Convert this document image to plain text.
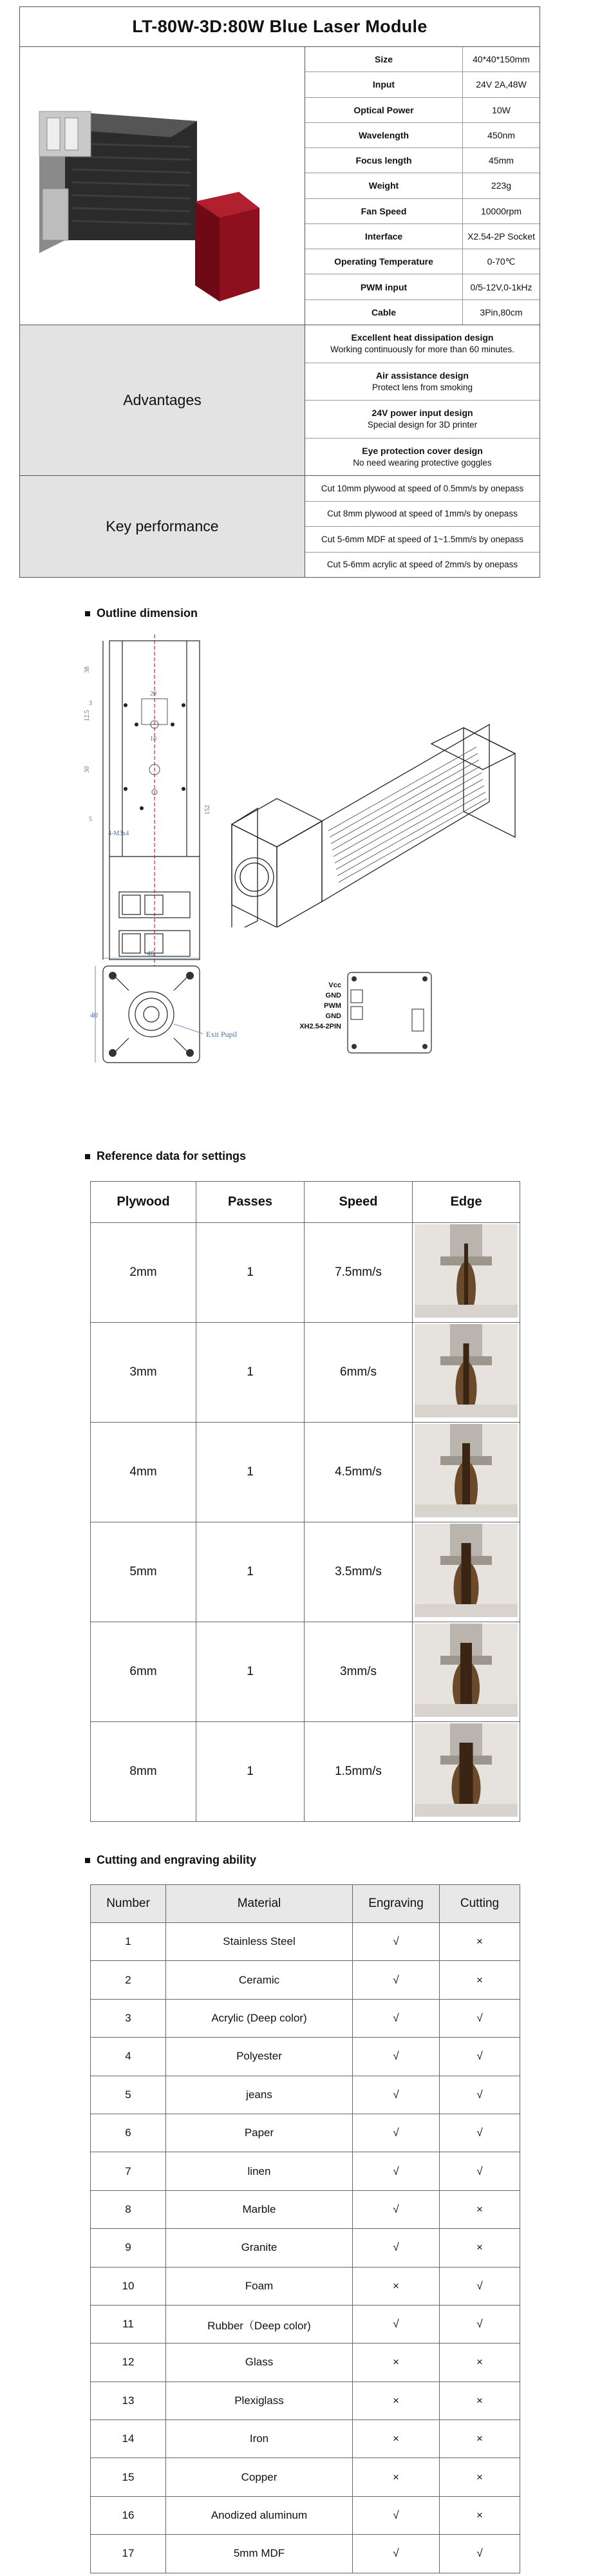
LT-80W-3D:80W Blue Laser Module
Size	40*40*150mm
Input	24V 2A,48W
Optical Power	10W
Wavelength	450nm
Focus length	45mm
Weight	223g
Fan Speed	10000rpm
Interface	X2.54-2P Socket
Operating Temperature	0-70℃
PWM input	0/5-12V,0-1kHz
Cable	3Pin,80cm
Advantages
Excellent heat dissipation design
Working continuously for more than 60 minutes.
Air assistance design
Protect lens from smoking
24V power input design
Special design for 3D printer
Eye protection cover design
No need wearing protective goggles
Key performance
Cut 10mm plywood at speed of 0.5mm/s by onepass
Cut 8mm plywood at speed of 1mm/s by onepass
Cut 5-6mm MDF at speed of 1~1.5mm/s by onepass
Cut 5-6mm acrylic at speed of 2mm/s by onepass
Outline dimension
38
3
12.5
20
10
30
152
5
4-M3x4
40
40
Exit Pupil
Vcc
GND
PWM
GND
XH2.54-2PIN
Reference data for settings
Plywood	Passes	Speed	Edge
2mm	1	7.5mm/s	
3mm	1	6mm/s	
4mm	1	4.5mm/s	
5mm	1	3.5mm/s	
6mm	1	3mm/s	
8mm	1	1.5mm/s	
Cutting and engraving ability
Number	Material	Engraving	Cutting
1	Stainless Steel	√	×
2	Ceramic	√	×
3	Acrylic (Deep color)	√	√
4	Polyester	√	√
5	jeans	√	√
6	Paper	√	√
7	linen	√	√
8	Marble	√	×
9	Granite	√	×
10	Foam	×	√
11	Rubber（Deep color)	√	√
12	Glass	×	×
13	Plexiglass	×	×
14	Iron	×	×
15	Copper	×	×
16	Anodized aluminum	√	×
17	5mm MDF	√	√
